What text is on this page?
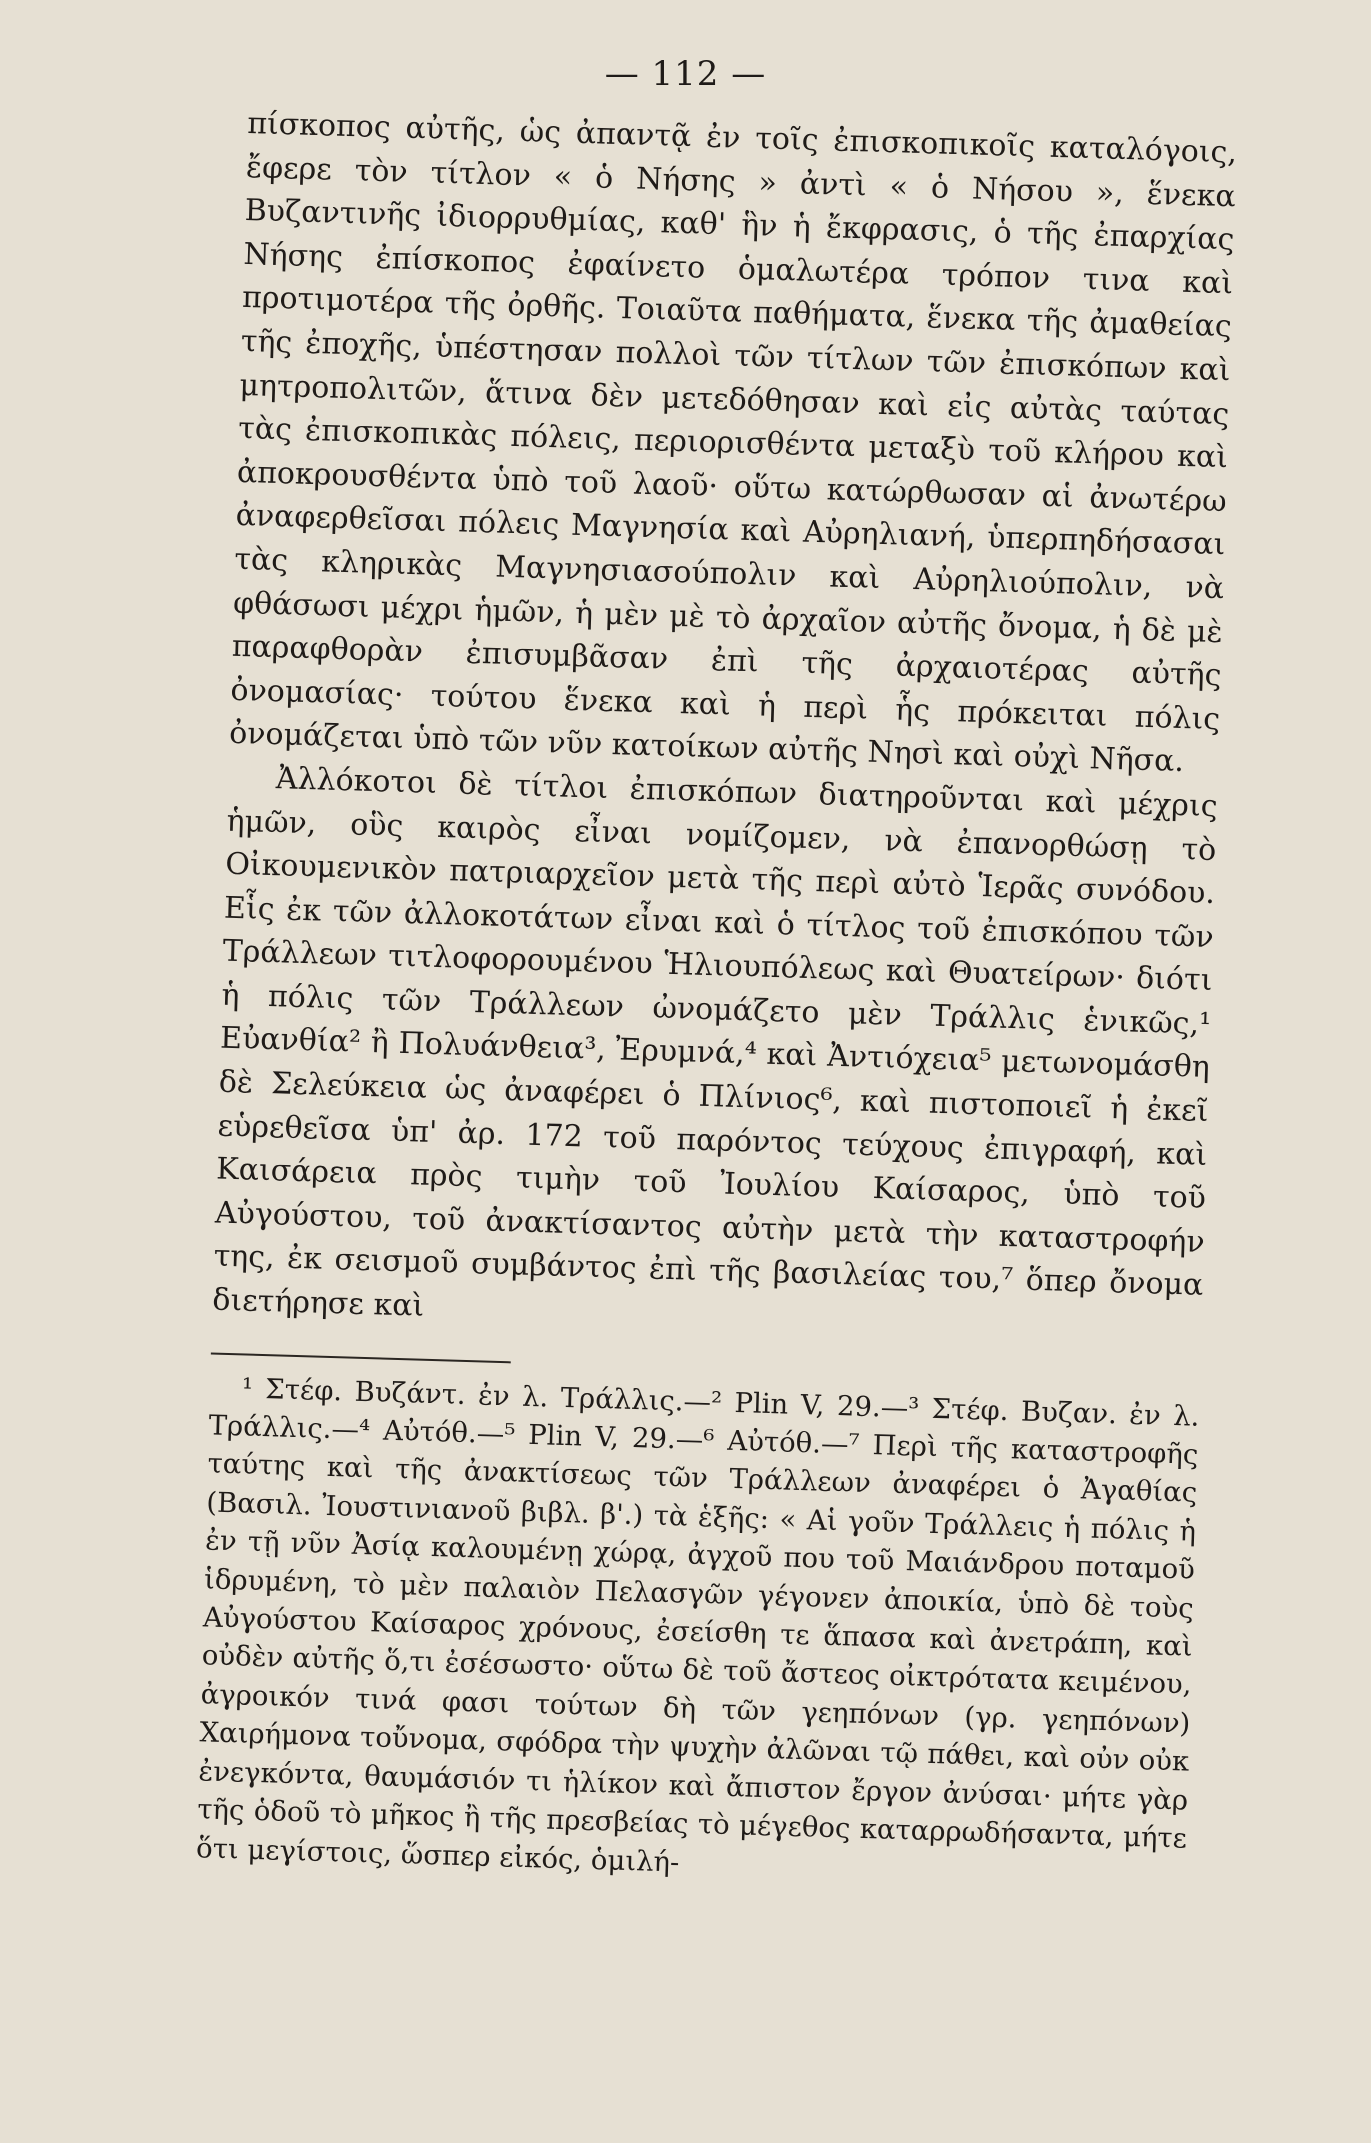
— 112 —

πίσκοπος αὐτῆς, ὡς ἀπαντᾷ ἐν τοῖς ἐπισκοπικοῖς καταλόγοις, ἔφερε τὸν τίτλον « ὁ Νήσης » ἀντὶ « ὁ Νήσου », ἕνεκα Βυζαντινῆς ἰδιορρυθμίας, καθ' ἣν ἡ ἔκφρασις, ὁ τῆς ἐπαρχίας Νήσης ἐπίσκοπος ἐφαίνετο ὁμαλωτέρα τρόπον τινα καὶ προτιμοτέρα τῆς ὀρθῆς. Τοιαῦτα παθήματα, ἕνεκα τῆς ἀμαθείας τῆς ἐποχῆς, ὑπέστησαν πολλοὶ τῶν τίτλων τῶν ἐπισκόπων καὶ μητροπολιτῶν, ἅτινα δὲν μετεδόθησαν καὶ εἰς αὐτὰς ταύτας τὰς ἐπισκοπικὰς πόλεις, περιορισθέντα μεταξὺ τοῦ κλήρου καὶ ἀποκρουσθέντα ὑπὸ τοῦ λαοῦ· οὕτω κατώρθωσαν αἱ ἀνωτέρω ἀναφερθεῖσαι πόλεις Μαγνησία καὶ Αὐρηλιανή, ὑπερπηδήσασαι τὰς κληρικὰς Μαγνησιασούπολιν καὶ Αὐρηλιούπολιν, νὰ φθάσωσι μέχρι ἡμῶν, ἡ μὲν μὲ τὸ ἀρχαῖον αὐτῆς ὄνομα, ἡ δὲ μὲ παραφθορὰν ἐπισυμβᾶσαν ἐπὶ τῆς ἀρχαιοτέρας αὐτῆς ὀνομασίας· τούτου ἕνεκα καὶ ἡ περὶ ἧς πρόκειται πόλις ὀνομάζεται ὑπὸ τῶν νῦν κατοίκων αὐτῆς Νησὶ καὶ οὐχὶ Νῆσα.

Ἀλλόκοτοι δὲ τίτλοι ἐπισκόπων διατηροῦνται καὶ μέχρις ἡμῶν, οὓς καιρὸς εἶναι νομίζομεν, νὰ ἐπανορθώσῃ τὸ Οἰκουμενικὸν πατριαρχεῖον μετὰ τῆς περὶ αὐτὸ Ἱερᾶς συνόδου. Εἷς ἐκ τῶν ἀλλοκοτάτων εἶναι καὶ ὁ τίτλος τοῦ ἐπισκόπου τῶν Τράλλεων τιτλοφορουμένου Ἡλιουπόλεως καὶ Θυατείρων· διότι ἡ πόλις τῶν Τράλλεων ὠνομάζετο μὲν Τράλλις ἑνικῶς,¹ Εὐανθία² ἢ Πολυάνθεια³, Ἐρυμνά,⁴ καὶ Ἀντιόχεια⁵ μετωνομάσθη δὲ Σελεύκεια ὡς ἀναφέρει ὁ Πλίνιος⁶, καὶ πιστοποιεῖ ἡ ἐκεῖ εὑρεθεῖσα ὑπ' ἀρ. 172 τοῦ παρόντος τεύχους ἐπιγραφή, καὶ Καισάρεια πρὸς τιμὴν τοῦ Ἰουλίου Καίσαρος, ὑπὸ τοῦ Αὐγούστου, τοῦ ἀνακτίσαντος αὐτὴν μετὰ τὴν καταστροφήν της, ἐκ σεισμοῦ συμβάντος ἐπὶ τῆς βασιλείας του,⁷ ὅπερ ὄνομα διετήρησε καὶ

¹ Στέφ. Βυζάντ. ἐν λ. Τράλλις.—² Plin V, 29.—³ Στέφ. Βυζαν. ἐν λ. Τράλλις.—⁴ Αὐτόθ.—⁵ Plin V, 29.—⁶ Αὐτόθ.—⁷ Περὶ τῆς καταστροφῆς ταύτης καὶ τῆς ἀνακτίσεως τῶν Τράλλεων ἀναφέρει ὁ Ἀγαθίας (Βασιλ. Ἰουστινιανοῦ βιβλ. β'.) τὰ ἑξῆς: « Αἱ γοῦν Τράλλεις ἡ πόλις ἡ ἐν τῇ νῦν Ἀσίᾳ καλουμένῃ χώρᾳ, ἀγχοῦ που τοῦ Μαιάνδρου ποταμοῦ ἱδρυμένη, τὸ μὲν παλαιὸν Πελασγῶν γέγονεν ἀποικία, ὑπὸ δὲ τοὺς Αὐγούστου Καίσαρος χρόνους, ἐσείσθη τε ἅπασα καὶ ἀνετράπη, καὶ οὐδὲν αὐτῆς ὅ,τι ἐσέσωστο· οὕτω δὲ τοῦ ἄστεος οἰκτρότατα κειμένου, ἀγροικόν τινά φασι τούτων δὴ τῶν γεηπόνων (γρ. γεηπόνων) Χαιρήμονα τοὔνομα, σφόδρα τὴν ψυχὴν ἀλῶναι τῷ πάθει, καὶ οὐν οὐκ ἐνεγκόντα, θαυμάσιόν τι ἡλίκον καὶ ἄπιστον ἔργον ἀνύσαι· μήτε γὰρ τῆς ὁδοῦ τὸ μῆκος ἢ τῆς πρεσβείας τὸ μέγεθος καταρρωδήσαντα, μήτε ὅτι μεγίστοις, ὥσπερ εἰκός, ὁμιλή-
